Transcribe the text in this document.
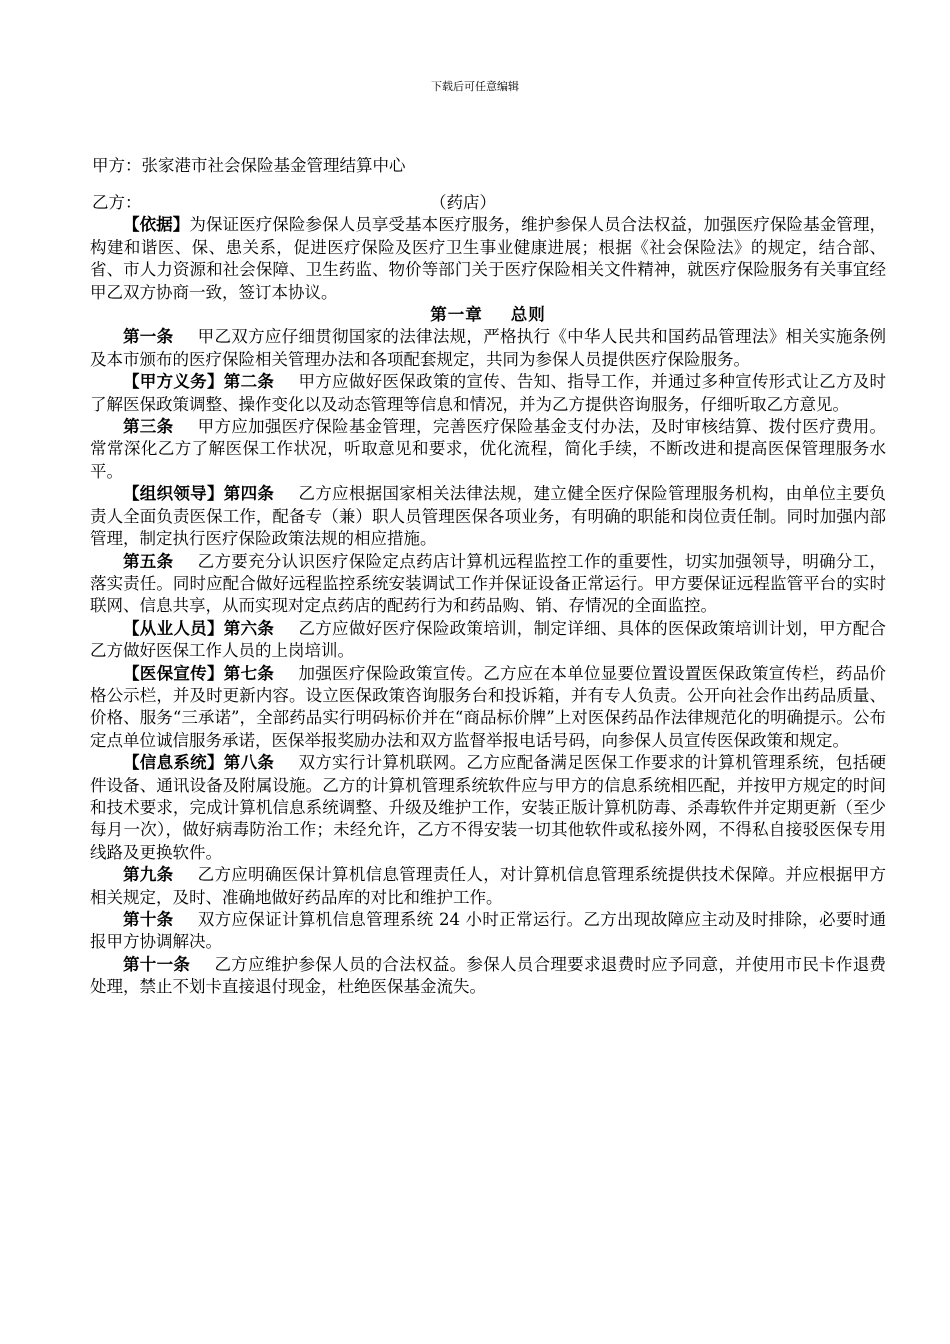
下载后可任意编辑

甲方：张家港市社会保险基金管理结算中心

乙方：	（药店）

【依据】为保证医疗保险参保人员享受基本医疗服务，维护参保人员合法权益，加强医疗保险基金管理，构建和谐医、保、患关系，促进医疗保险及医疗卫生事业健康进展；根据《社会保险法》的规定，结合部、省、市人力资源和社会保障、卫生药监、物价等部门关于医疗保险相关文件精神，就医疗保险服务有关事宜经甲乙双方协商一致，签订本协议。

第一章 总则

第一条 甲乙双方应仔细贯彻国家的法律法规，严格执行《中华人民共和国药品管理法》相关实施条例及本市颁布的医疗保险相关管理办法和各项配套规定，共同为参保人员提供医疗保险服务。

【甲方义务】第二条 甲方应做好医保政策的宣传、告知、指导工作，并通过多种宣传形式让乙方及时了解医保政策调整、操作变化以及动态管理等信息和情况，并为乙方提供咨询服务，仔细听取乙方意见。

第三条 甲方应加强医疗保险基金管理，完善医疗保险基金支付办法，及时审核结算、拨付医疗费用。常常深化乙方了解医保工作状况，听取意见和要求，优化流程，简化手续，不断改进和提高医保管理服务水平。

【组织领导】第四条 乙方应根据国家相关法律法规，建立健全医疗保险管理服务机构，由单位主要负责人全面负责医保工作，配备专（兼）职人员管理医保各项业务，有明确的职能和岗位责任制。同时加强内部管理，制定执行医疗保险政策法规的相应措施。

第五条 乙方要充分认识医疗保险定点药店计算机远程监控工作的重要性，切实加强领导，明确分工，落实责任。同时应配合做好远程监控系统安装调试工作并保证设备正常运行。甲方要保证远程监管平台的实时联网、信息共享，从而实现对定点药店的配药行为和药品购、销、存情况的全面监控。

【从业人员】第六条 乙方应做好医疗保险政策培训，制定详细、具体的医保政策培训计划，甲方配合乙方做好医保工作人员的上岗培训。

【医保宣传】第七条 加强医疗保险政策宣传。乙方应在本单位显要位置设置医保政策宣传栏，药品价格公示栏，并及时更新内容。设立医保政策咨询服务台和投诉箱，并有专人负责。公开向社会作出药品质量、价格、服务“三承诺”，全部药品实行明码标价并在“商品标价牌”上对医保药品作法律规范化的明确提示。公布定点单位诚信服务承诺，医保举报奖励办法和双方监督举报电话号码，向参保人员宣传医保政策和规定。

【信息系统】第八条 双方实行计算机联网。乙方应配备满足医保工作要求的计算机管理系统，包括硬件设备、通讯设备及附属设施。乙方的计算机管理系统软件应与甲方的信息系统相匹配，并按甲方规定的时间和技术要求，完成计算机信息系统调整、升级及维护工作，安装正版计算机防毒、杀毒软件并定期更新（至少每月一次），做好病毒防治工作；未经允许，乙方不得安装一切其他软件或私接外网，不得私自接驳医保专用线路及更换软件。

第九条 乙方应明确医保计算机信息管理责任人，对计算机信息管理系统提供技术保障。并应根据甲方相关规定，及时、准确地做好药品库的对比和维护工作。

第十条 双方应保证计算机信息管理系统 24 小时正常运行。乙方出现故障应主动及时排除，必要时通报甲方协调解决。

第十一条 乙方应维护参保人员的合法权益。参保人员合理要求退费时应予同意，并使用市民卡作退费处理，禁止不划卡直接退付现金，杜绝医保基金流失。
